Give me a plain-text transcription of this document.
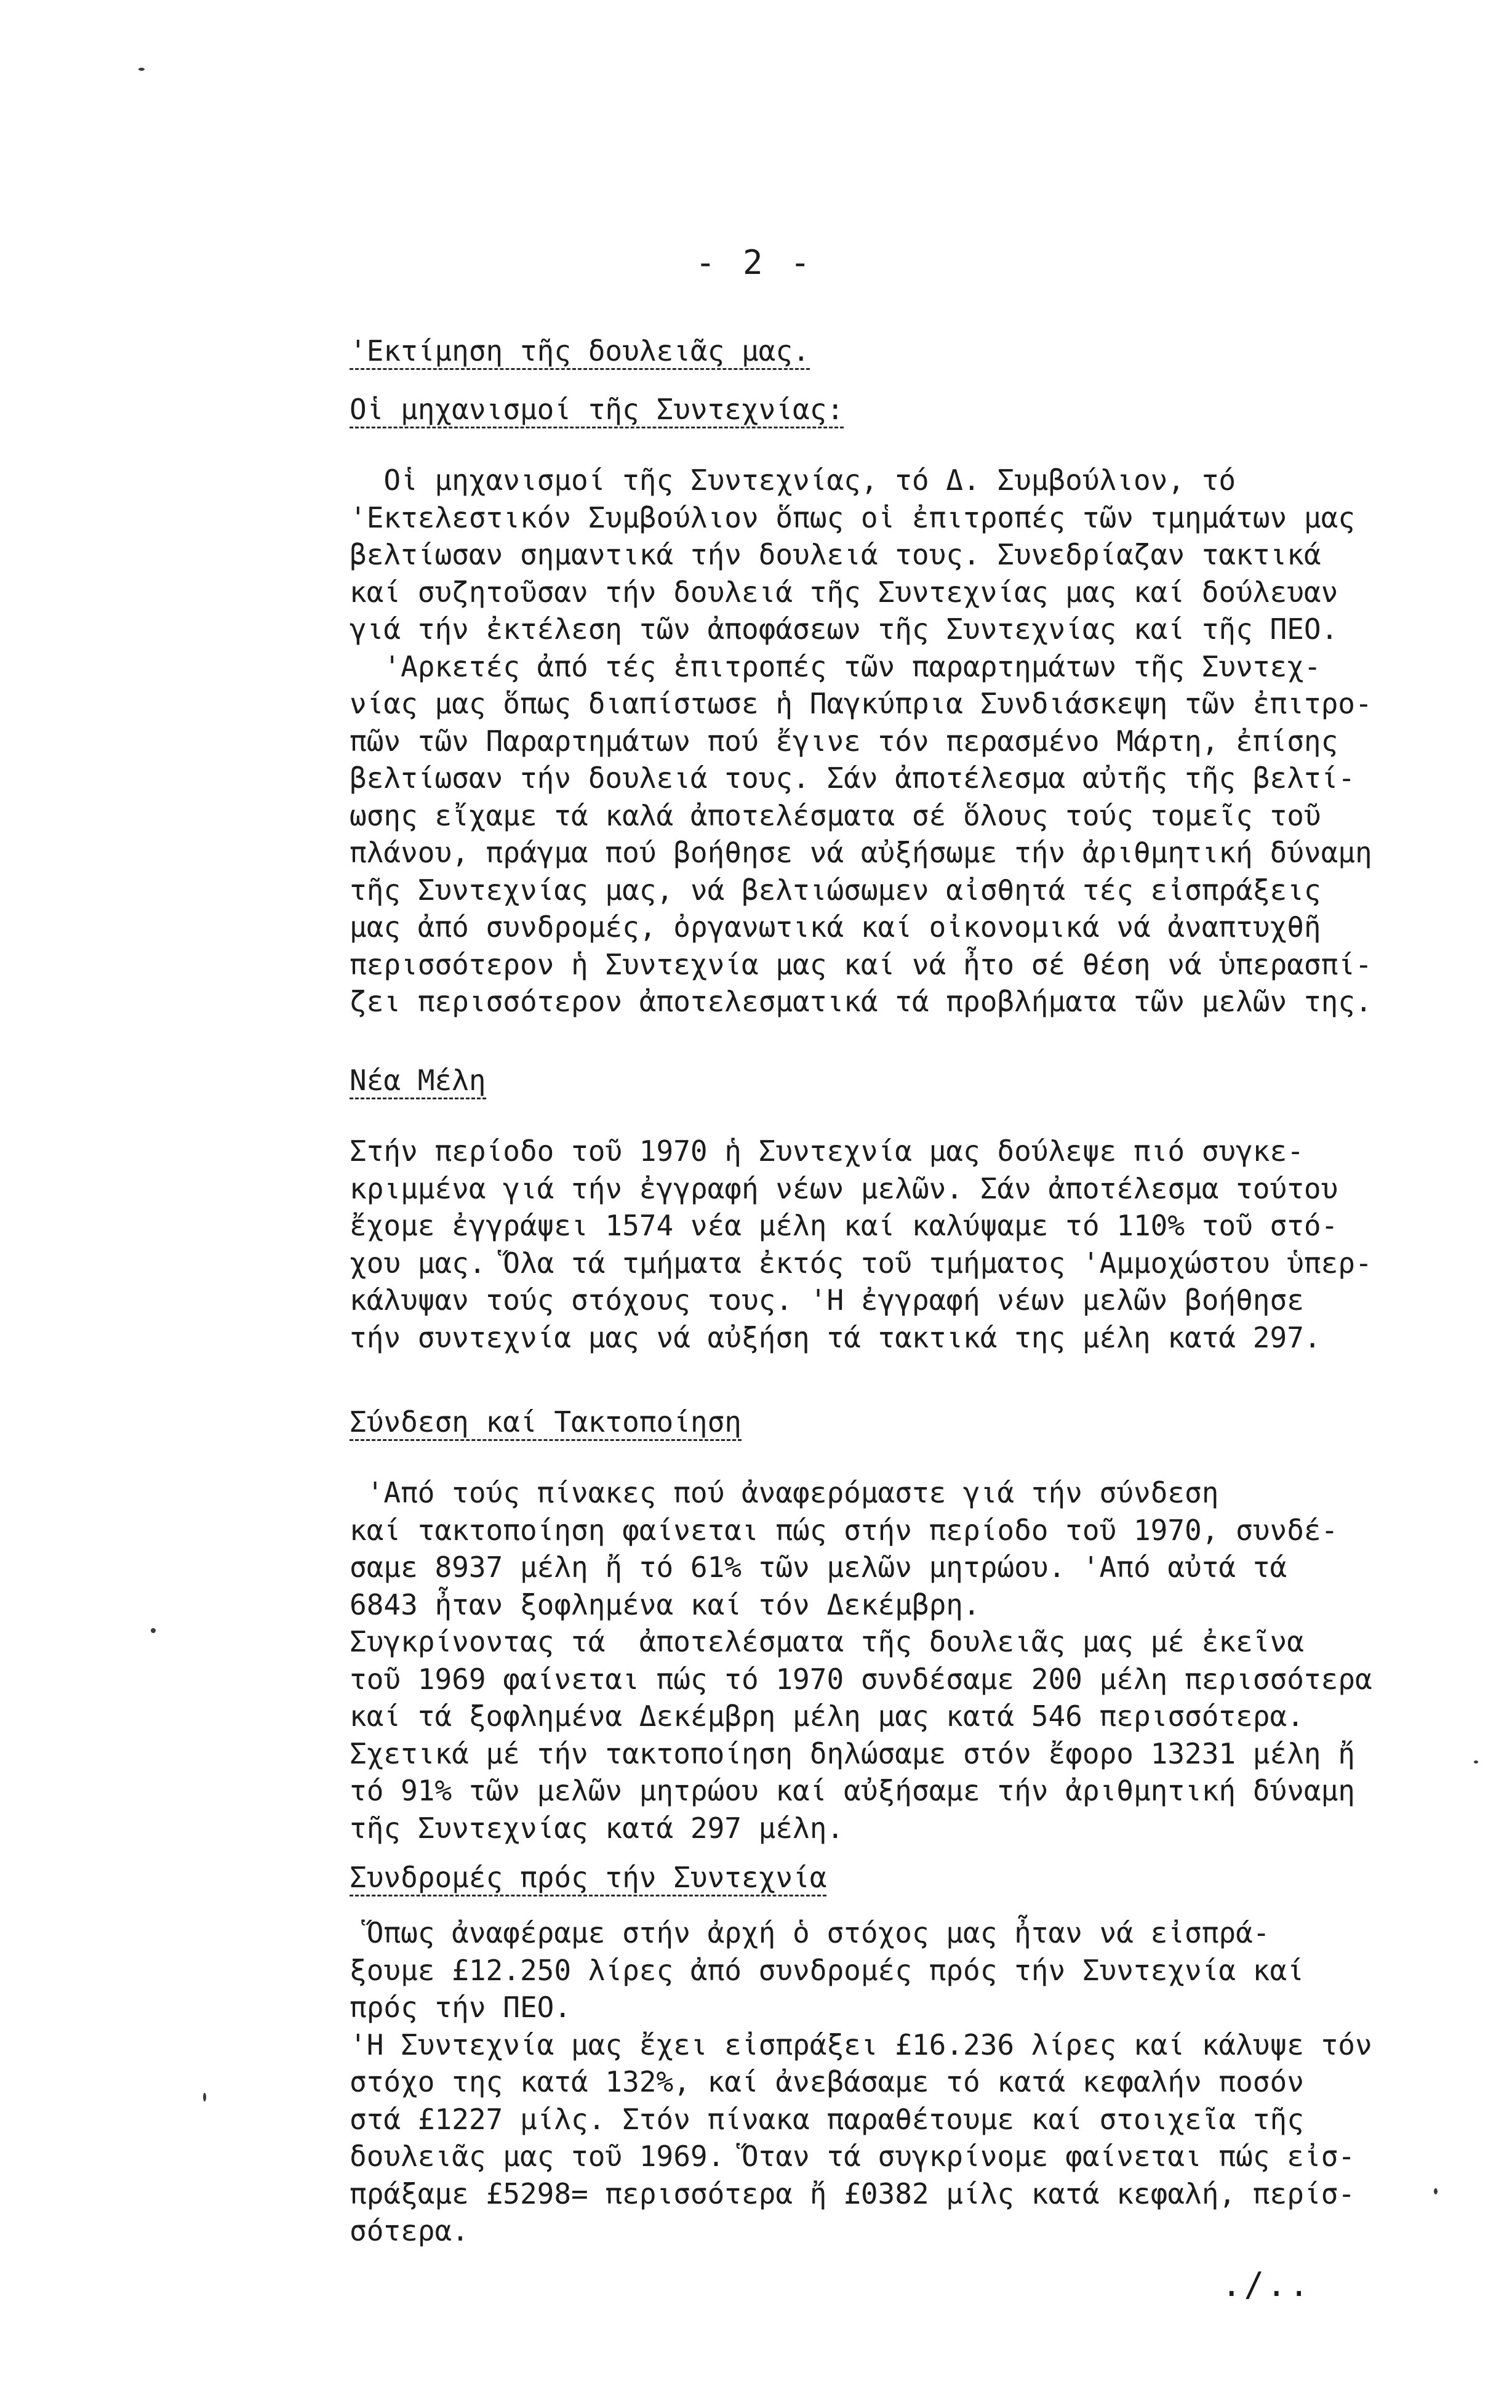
- 2 -
'Εκτίμηση τῆς δουλειᾶς μας.
Οἱ μηχανισμοί τῆς Συντεχνίας:
Οἱ μηχανισμοί τῆς Συντεχνίας, τό Δ. Συμβούλιον, τό
'Εκτελεστικόν Συμβούλιον ὅπως οἱ ἐπιτροπές τῶν τμημάτων μας
βελτίωσαν σημαντικά τήν δουλειά τους. Συνεδρίαζαν τακτικά
καί συζητοῦσαν τήν δουλειά τῆς Συντεχνίας μας καί δούλευαν
γιά τήν ἐκτέλεση τῶν ἀποφάσεων τῆς Συντεχνίας καί τῆς ΠΕΟ.
'Αρκετές ἀπό τές ἐπιτροπές τῶν παραρτημάτων τῆς Συντεχ-
νίας μας ὅπως διαπίστωσε ἡ Παγκύπρια Συνδιάσκεψη τῶν ἐπιτρο-
πῶν τῶν Παραρτημάτων πού ἔγινε τόν περασμένο Μάρτη, ἐπίσης
βελτίωσαν τήν δουλειά τους. Σάν ἀποτέλεσμα αὐτῆς τῆς βελτί-
ωσης εἴχαμε τά καλά ἀποτελέσματα σέ ὅλους τούς τομεῖς τοῦ
πλάνου, πράγμα πού βοήθησε νά αὐξήσωμε τήν ἀριθμητική δύναμη
τῆς Συντεχνίας μας, νά βελτιώσωμεν αἰσθητά τές εἰσπράξεις
μας ἀπό συνδρομές, ὀργανωτικά καί οἰκονομικά νά ἀναπτυχθῆ
περισσότερον ἡ Συντεχνία μας καί νά ἦτο σέ θέση νά ὑπερασπί-
ζει περισσότερον ἀποτελεσματικά τά προβλήματα τῶν μελῶν της.
Νέα Μέλη
Στήν περίοδο τοῦ 1970 ἡ Συντεχνία μας δούλεψε πιό συγκε-
κριμμένα γιά τήν ἐγγραφή νέων μελῶν. Σάν ἀποτέλεσμα τούτου
ἔχομε ἐγγράψει 1574 νέα μέλη καί καλύψαμε τό 110% τοῦ στό-
χου μας. Ὅλα τά τμήματα ἐκτός τοῦ τμήματος 'Αμμοχώστου ὑπερ-
κάλυψαν τούς στόχους τους. 'Η ἐγγραφή νέων μελῶν βοήθησε
τήν συντεχνία μας νά αὐξήση τά τακτικά της μέλη κατά 297.
Σύνδεση καί Τακτοποίηση
'Από τούς πίνακες πού ἀναφερόμαστε γιά τήν σύνδεση
καί τακτοποίηση φαίνεται πώς στήν περίοδο τοῦ 1970, συνδέ-
σαμε 8937 μέλη ἤ τό 61% τῶν μελῶν μητρώου. 'Από αὐτά τά
6843 ἦταν ξοφλημένα καί τόν Δεκέμβρη.
Συγκρίνοντας τά  ἀποτελέσματα τῆς δουλειᾶς μας μέ ἐκεῖνα
τοῦ 1969 φαίνεται πώς τό 1970 συνδέσαμε 200 μέλη περισσότερα
καί τά ξοφλημένα Δεκέμβρη μέλη μας κατά 546 περισσότερα.
Σχετικά μέ τήν τακτοποίηση δηλώσαμε στόν ἔφορο 13231 μέλη ἤ
τό 91% τῶν μελῶν μητρώου καί αὐξήσαμε τήν ἀριθμητική δύναμη
τῆς Συντεχνίας κατά 297 μέλη.
Συνδρομές πρός τήν Συντεχνία
Ὅπως ἀναφέραμε στήν ἀρχή ὁ στόχος μας ἦταν νά εἰσπρά-
ξουμε £12.250 λίρες ἀπό συνδρομές πρός τήν Συντεχνία καί
πρός τήν ΠΕΟ.
'Η Συντεχνία μας ἔχει εἰσπράξει £16.236 λίρες καί κάλυψε τόν
στόχο της κατά 132%, καί ἀνεβάσαμε τό κατά κεφαλήν ποσόν
στά £1227 μίλς. Στόν πίνακα παραθέτουμε καί στοιχεῖα τῆς
δουλειᾶς μας τοῦ 1969. Ὅταν τά συγκρίνομε φαίνεται πώς εἰσ-
πράξαμε £5298= περισσότερα ἤ £0382 μίλς κατά κεφαλή, περίσ-
σότερα.
./..
